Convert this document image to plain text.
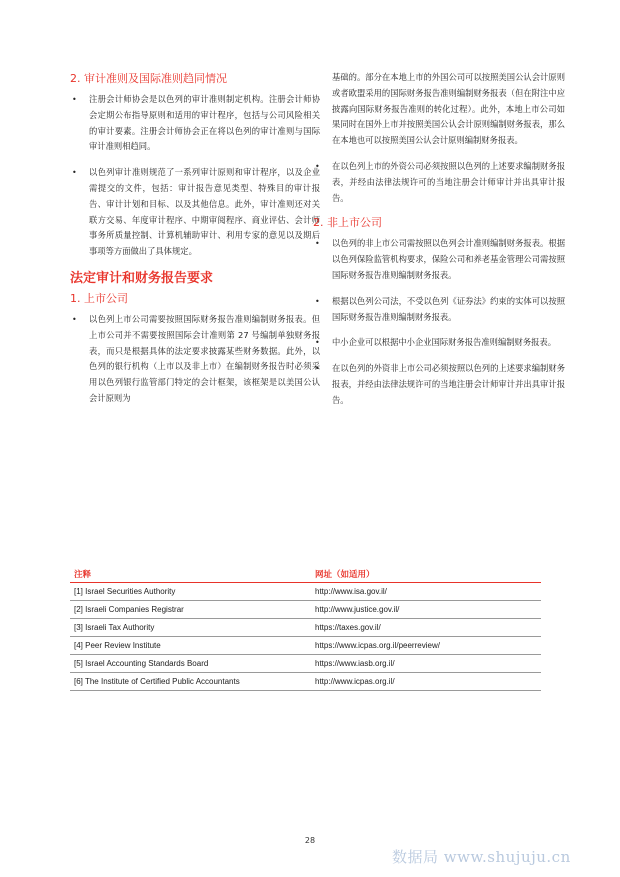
2. 审计准则及国际准则趋同情况
• 注册会计师协会是以色列的审计准则制定机构。注册会计师协会定期公布指导原则和适用的审计程序，包括与公司风险相关的审计要素。注册会计师协会正在将以色列的审计准则与国际审计准则相趋同。
• 以色列审计准则规范了一系列审计原则和审计程序，以及企业需提交的文件，包括：审计报告意见类型、特殊目的审计报告、审计计划和目标、以及其他信息。此外，审计准则还对关联方交易、年度审计程序、中期审阅程序、商业评估、会计师事务所质量控制、计算机辅助审计、利用专家的意见以及期后事项等方面做出了具体规定。
法定审计和财务报告要求
1. 上市公司
• 以色列上市公司需要按照国际财务报告准则编制财务报表。但上市公司并不需要按照国际会计准则第 27 号编制单独财务报表，而只是根据具体的法定要求披露某些财务数据。此外，以色列的银行机构（上市以及非上市）在编制财务报告时必须采用以色列银行监管部门特定的会计框架，该框架是以美国公认会计原则为
基础的。部分在本地上市的外国公司可以按照美国公认会计原则或者欧盟采用的国际财务报告准则编制财务报表（但在附注中应披露向国际财务报告准则的转化过程）。此外，本地上市公司如果同时在国外上市并按照美国公认会计原则编制财务报表，那么在本地也可以按照美国公认会计原则编制财务报表。
• 在以色列上市的外资公司必须按照以色列的上述要求编制财务报表，并经由法律法规许可的当地注册会计师审计并出具审计报告。
2. 非上市公司
• 以色列的非上市公司需按照以色列会计准则编制财务报表。根据以色列保险监管机构要求，保险公司和养老基金管理公司需按照国际财务报告准则编制财务报表。
• 根据以色列公司法，不受以色列《证券法》约束的实体可以按照国际财务报告准则编制财务报表。
• 中小企业可以根据中小企业国际财务报告准则编制财务报表。
• 在以色列的外资非上市公司必须按照以色列的上述要求编制财务报表，并经由法律法规许可的当地注册会计师审计并出具审计报告。
注释	网址（如适用）
[1] Israel Securities Authority	http://www.isa.gov.il/
[2] Israeli Companies Registrar	http://www.justice.gov.il/
[3] Israeli Tax Authority	https://taxes.gov.il/
[4] Peer Review Institute	https://www.icpas.org.il/peerreview/
[5] Israel Accounting Standards Board	https://www.iasb.org.il/
[6] The Institute of Certified Public Accountants	http://www.icpas.org.il/
28
数据局 www.shujuju.cn
